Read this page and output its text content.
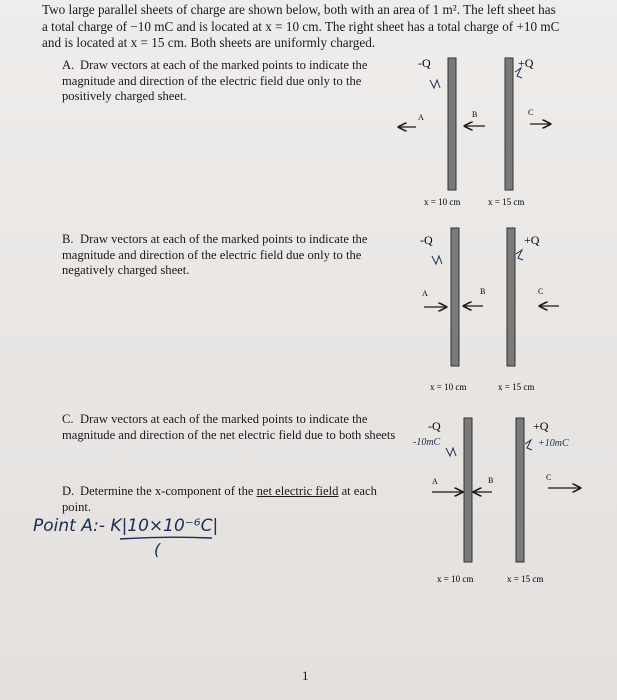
Two large parallel sheets of charge are shown below, both with an area of 1 m². The left sheet has a total charge of −10 mC and is located at x = 10 cm. The right sheet has a total charge of +10 mC and is located at x = 15 cm. Both sheets are uniformly charged.
A. Draw vectors at each of the marked points to indicate the magnitude and direction of the electric field due only to the positively charged sheet.
B. Draw vectors at each of the marked points to indicate the magnitude and direction of the electric field due only to the negatively charged sheet.
C. Draw vectors at each of the marked points to indicate the magnitude and direction of the net electric field due to both sheets
D. Determine the x-component of the net electric field at each point.
Point A:- K|10×10⁻⁶C|
(
1
-Q	+Q
A	B	C
x = 10 cm	x = 15 cm
-Q	+Q
A	B	C
x = 10 cm	x = 15 cm
-Q	+Q
-10mC	+10mC
A	B	C
x = 10 cm	x = 15 cm
